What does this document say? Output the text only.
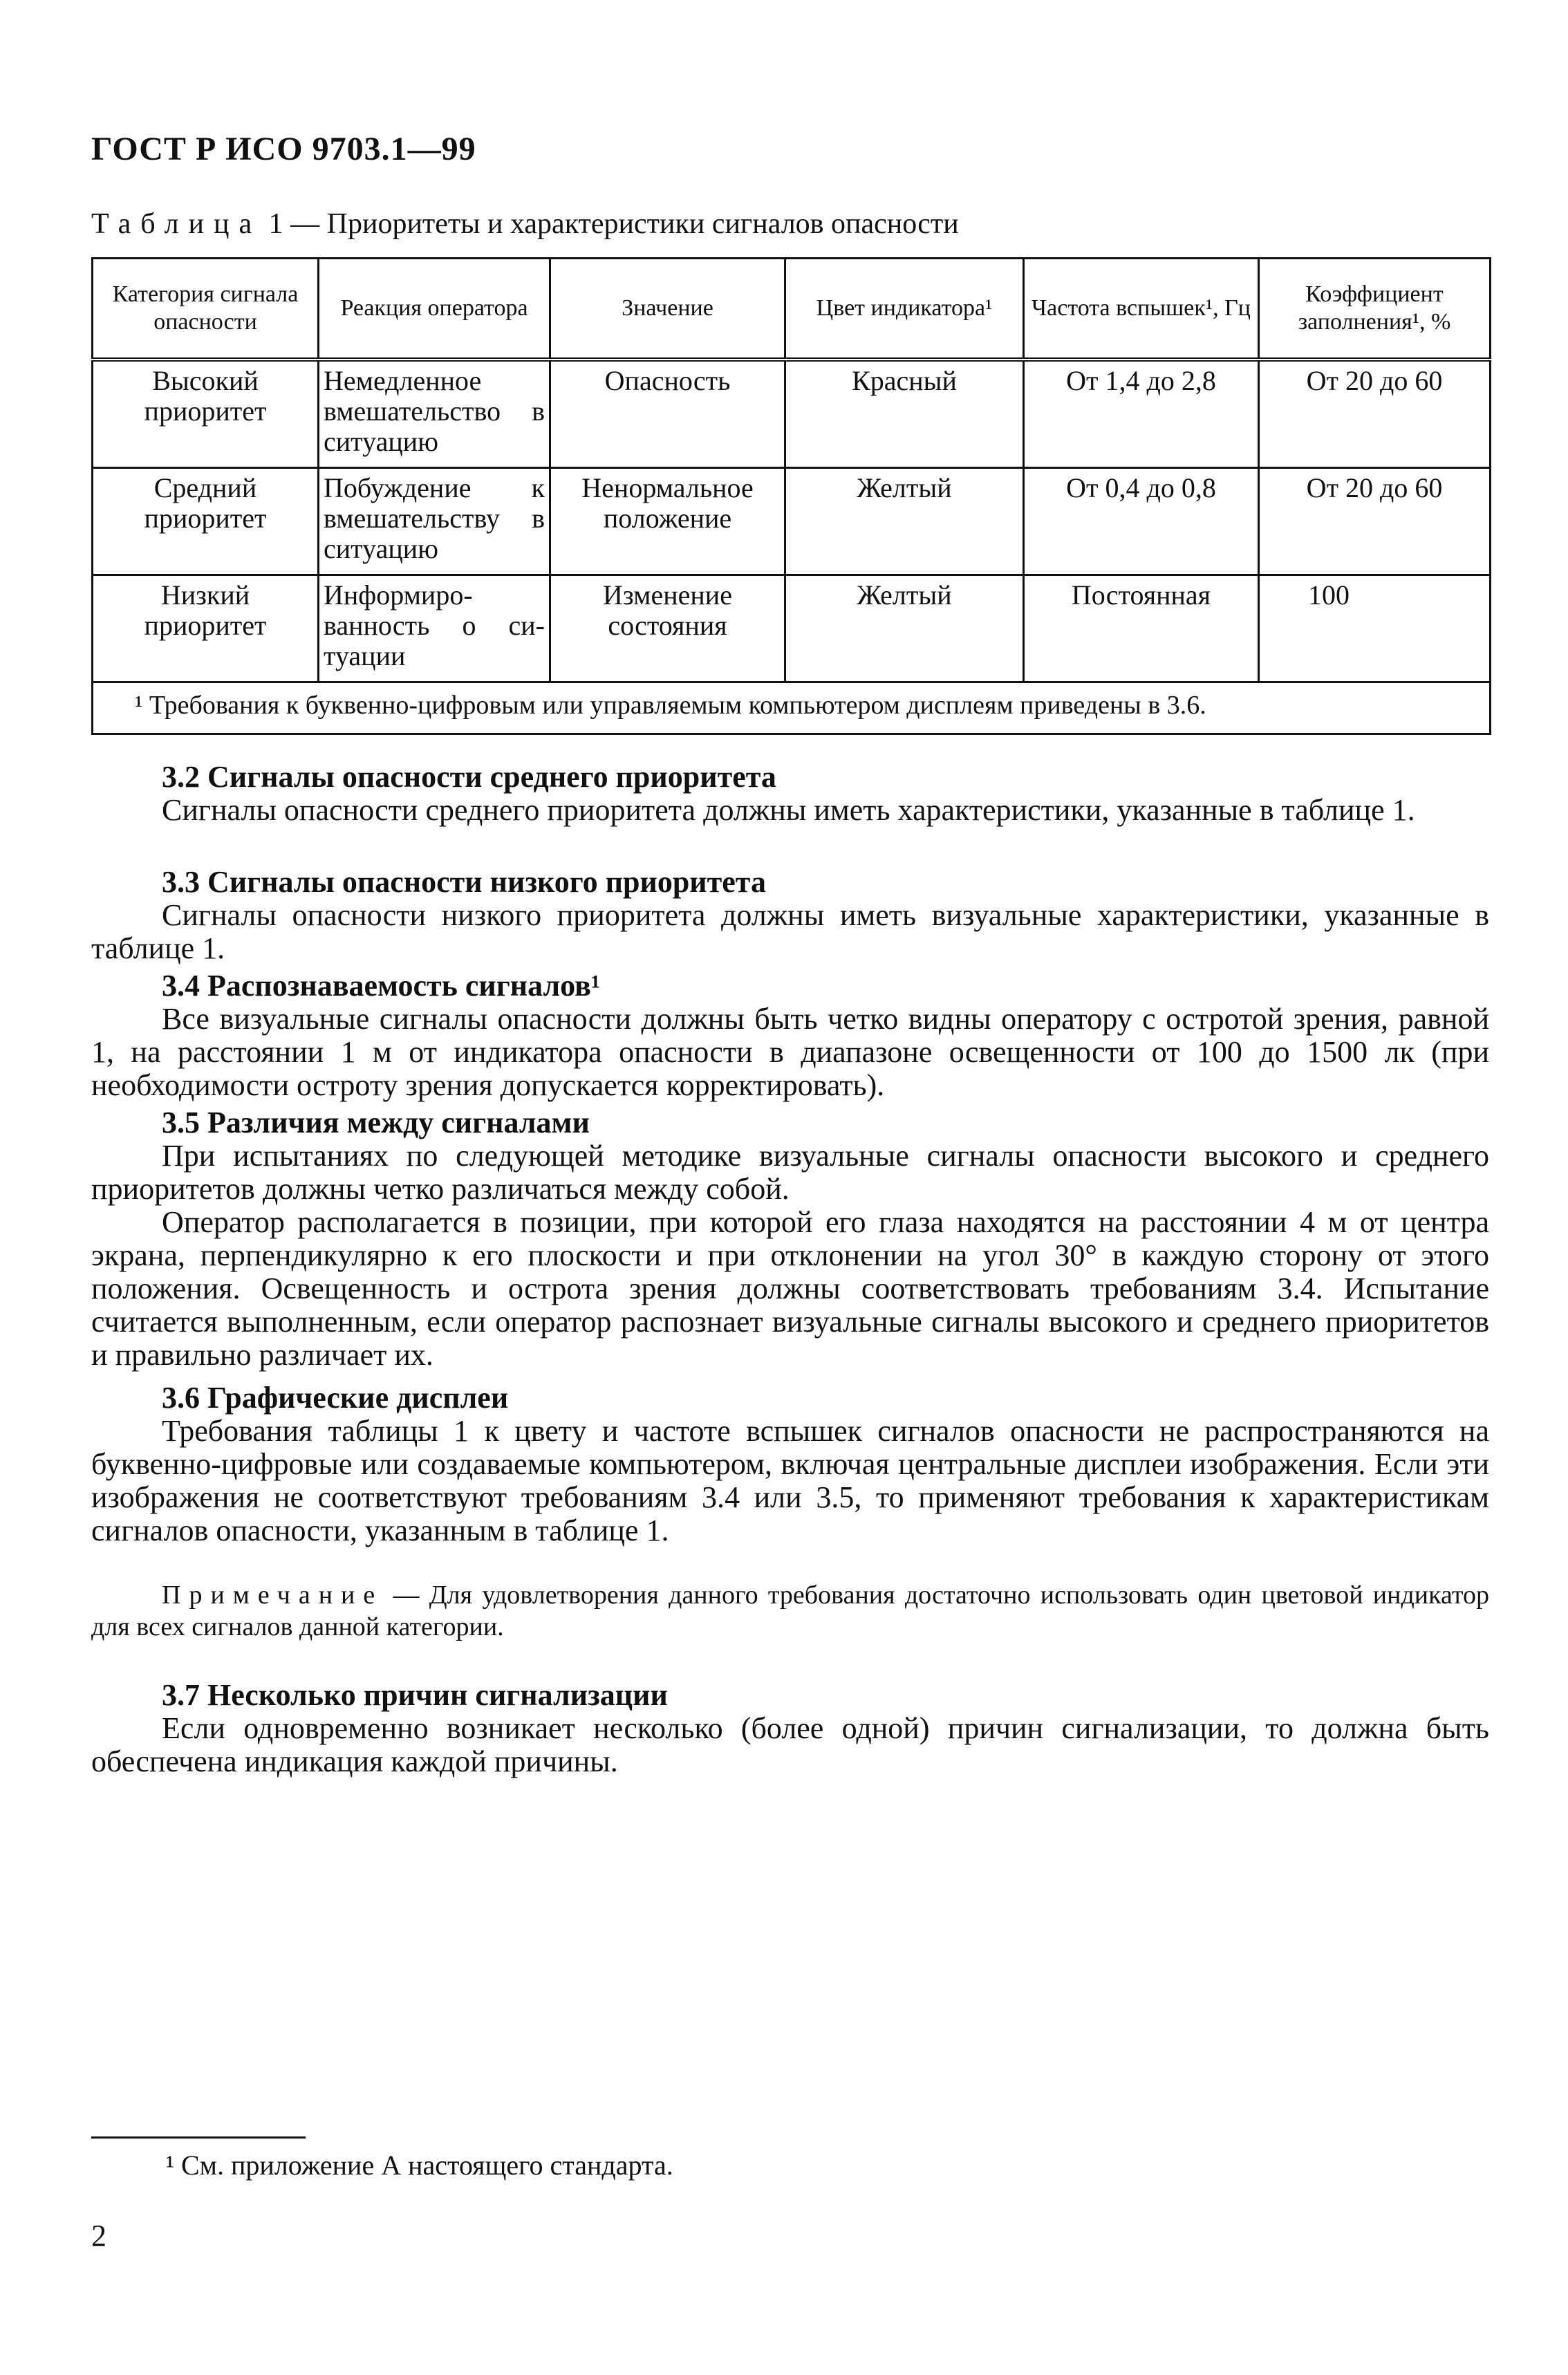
ГОСТ Р ИСО 9703.1—99
Таблица 1 — Приоритеты и характеристики сигналов опасности
Категория сигнала опасности	Реакция оператора	Значение	Цвет индикатора¹	Частота вспышек¹, Гц	Коэффициент заполнения¹, %
Высокий приоритет	Немедленное вмешательство в ситуацию	Опасность	Красный	От 1,4 до 2,8	От 20 до 60
Средний приоритет	Побуждение к вмешательству в ситуацию	Ненормальное положение	Желтый	От 0,4 до 0,8	От 20 до 60
Низкий приоритет	Информиро-ванность о си-туации	Изменение состояния	Желтый	Постоянная	100
¹ Требования к буквенно-цифровым или управляемым компьютером дисплеям приведены в 3.6.					
3.2 Сигналы опасности среднего приоритета

Сигналы опасности среднего приоритета должны иметь характеристики, указанные в таблице 1.

3.3 Сигналы опасности низкого приоритета

Сигналы опасности низкого приоритета должны иметь визуальные характеристики, указанные в таблице 1.

3.4 Распознаваемость сигналов¹

Все визуальные сигналы опасности должны быть четко видны оператору с остротой зрения, равной 1, на расстоянии 1 м от индикатора опасности в диапазоне освещенности от 100 до 1500 лк (при необходимости остроту зрения допускается корректировать).

3.5 Различия между сигналами

При испытаниях по следующей методике визуальные сигналы опасности высокого и среднего приоритетов должны четко различаться между собой.

Оператор располагается в позиции, при которой его глаза находятся на расстоянии 4 м от центра экрана, перпендикулярно к его плоскости и при отклонении на угол 30° в каждую сторону от этого положения. Освещенность и острота зрения должны соответствовать требованиям 3.4. Испытание считается выполненным, если оператор распознает визуальные сигналы высокого и среднего приоритетов и правильно различает их.

3.6 Графические дисплеи

Требования таблицы 1 к цвету и частоте вспышек сигналов опасности не распространяются на буквенно-цифровые или создаваемые компьютером, включая центральные дисплеи изображения. Если эти изображения не соответствуют требованиям 3.4 или 3.5, то применяют требования к характеристикам сигналов опасности, указанным в таблице 1.

Примечание — Для удовлетворения данного требования достаточно использовать один цветовой индикатор для всех сигналов данной категории.
3.7 Несколько причин сигнализации

Если одновременно возникает несколько (более одной) причин сигнализации, то должна быть обеспечена индикация каждой причины.

¹ См. приложение А настоящего стандарта.
2
